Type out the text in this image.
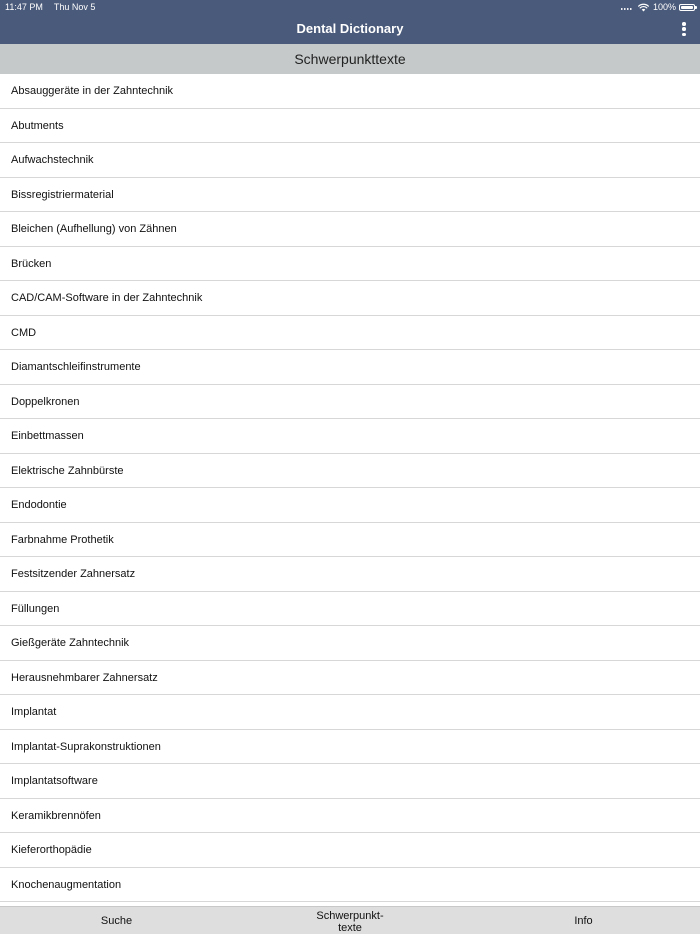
11:47 PM Thu Nov 5	100%
Dental Dictionary
Schwerpunkttexte
Absauggeräte in der Zahntechnik
Abutments
Aufwachstechnik
Bissregistriermaterial
Bleichen (Aufhellung) von Zähnen
Brücken
CAD/CAM-Software in der Zahntechnik
CMD
Diamantschleifinstrumente
Doppelkronen
Einbettmassen
Elektrische Zahnbürste
Endodontie
Farbnahme Prothetik
Festsitzender Zahnersatz
Füllungen
Gießgeräte Zahntechnik
Herausnehmbarer Zahnersatz
Implantat
Implantat-Suprakonstruktionen
Implantatsoftware
Keramikbrennöfen
Kieferorthopädie
Knochenaugmentation
Suche	Schwerpunkt-texte
Info
